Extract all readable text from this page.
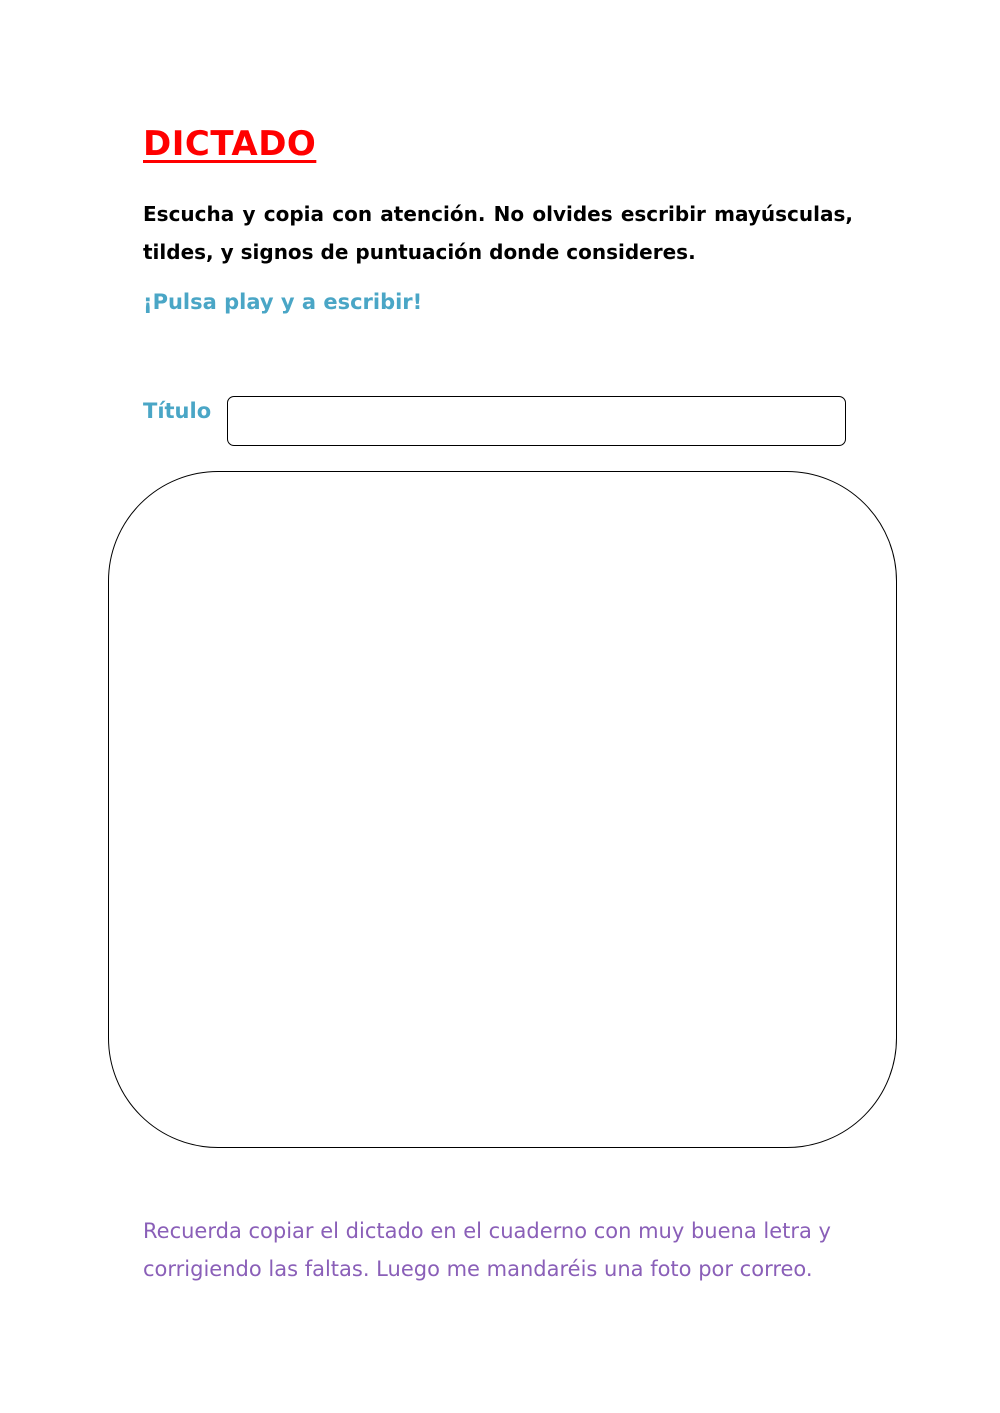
DICTADO

Escucha y copia con atención. No olvides escribir mayúsculas, tildes, y signos de puntuación donde consideres.

¡Pulsa play y a escribir!

Título

Recuerda copiar el dictado en el cuaderno con muy buena letra y corrigiendo las faltas. Luego me mandaréis una foto por correo.
